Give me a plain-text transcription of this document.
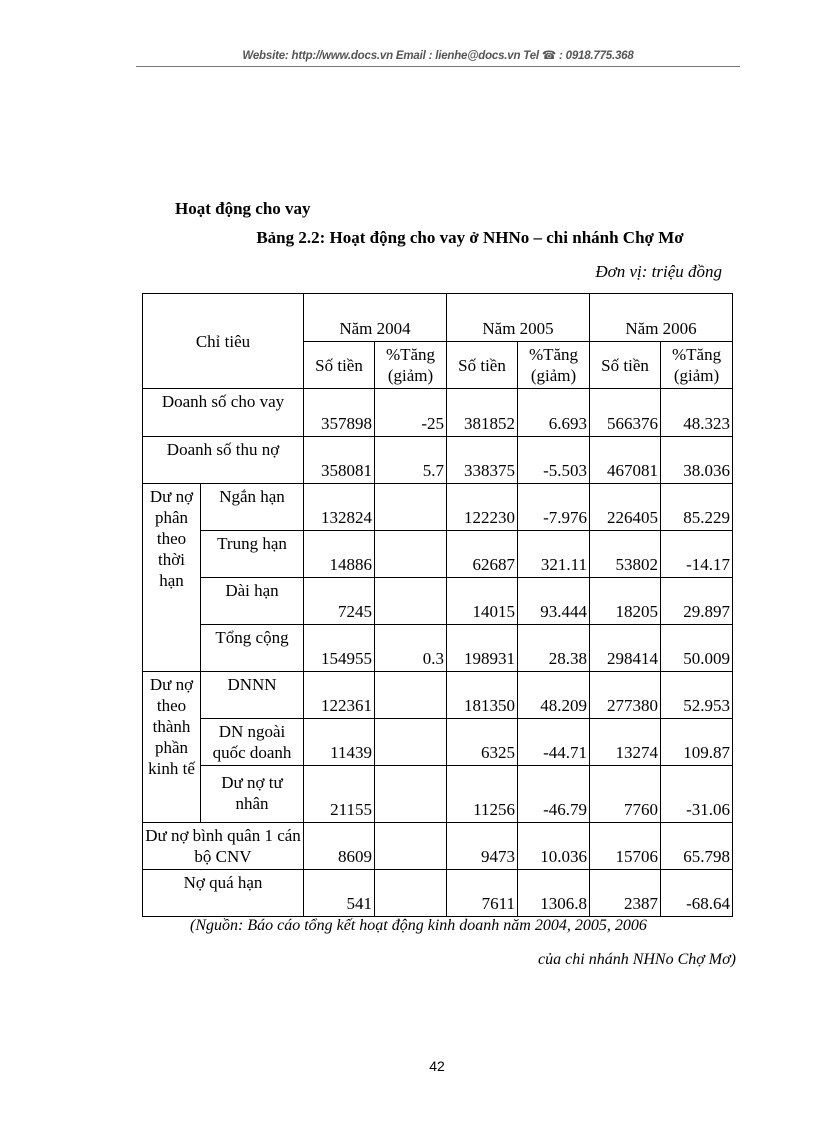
Website: http://www.docs.vn Email : lienhe@docs.vn Tel ☎ : 0918.775.368
Hoạt động cho vay
Bảng 2.2: Hoạt động cho vay ở NHNo – chi nhánh Chợ Mơ
Đơn vị: triệu đồng
Chỉ tiêu		Năm 2004		Năm 2005		Năm 2006	
		Số tiền	%Tăng (giảm)	Số tiền	%Tăng (giảm)	Số tiền	%Tăng (giảm)
Doanh số cho vay		357898	-25	381852	6.693	566376	48.323
Doanh số thu nợ		358081	5.7	338375	-5.503	467081	38.036
Dư nợ phân theo thời hạn	Ngắn hạn	132824		122230	-7.976	226405	85.229
	Trung hạn	14886		62687	321.11	53802	-14.17
	Dài hạn	7245		14015	93.444	18205	29.897
	Tổng cộng	154955	0.3	198931	28.38	298414	50.009
Dư nợ theo thành phần kinh tế	DNNN	122361		181350	48.209	277380	52.953
	DN ngoài quốc doanh	11439		6325	-44.71	13274	109.87
	Dư nợ tư nhân	21155		11256	-46.79	7760	-31.06
Dư nợ bình quân 1 cán bộ CNV		8609		9473	10.036	15706	65.798
Nợ quá hạn		541		7611	1306.8	2387	-68.64
(Nguồn: Báo cáo tổng kết hoạt động kinh doanh năm 2004, 2005, 2006
của chi nhánh NHNo Chợ Mơ)
42
